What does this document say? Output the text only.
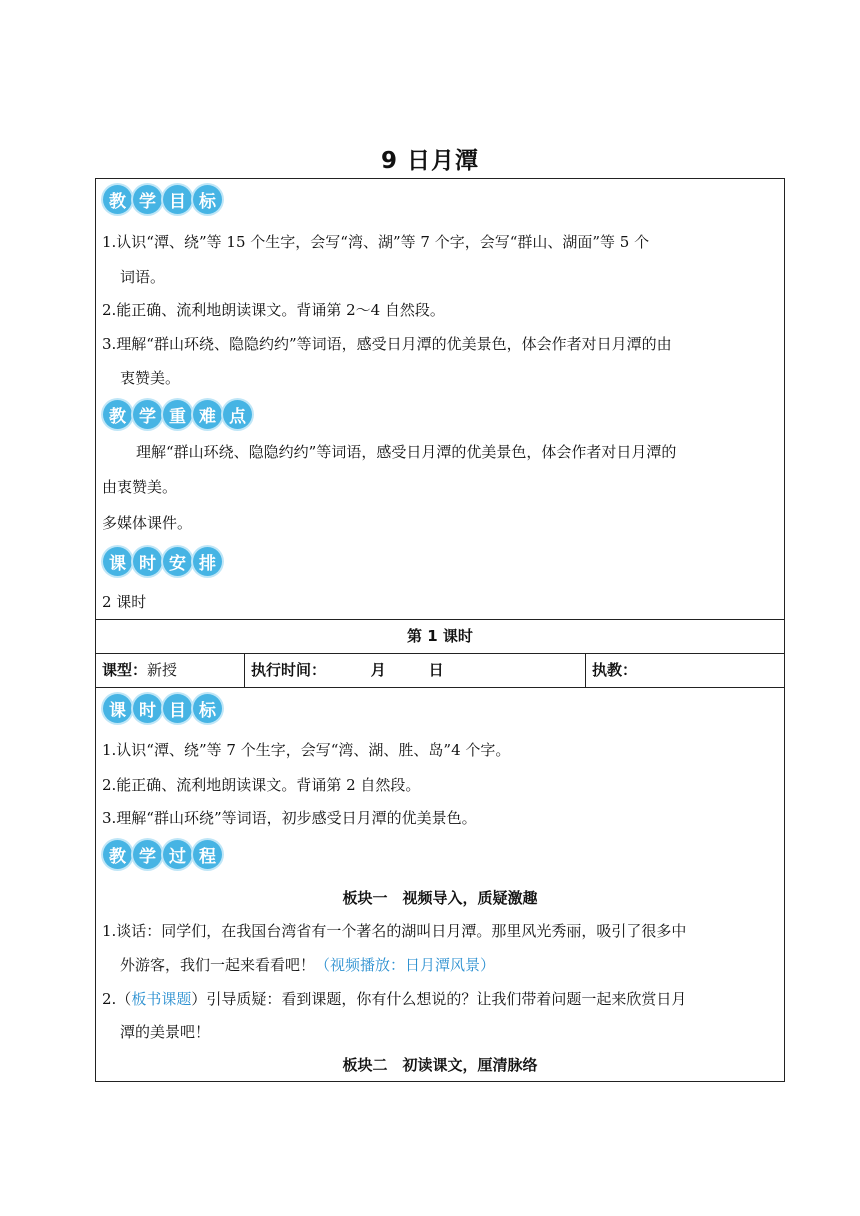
9 日月潭
教 学 目 标
1.认识“潭、绕”等 15 个生字，会写“湾、湖”等 7 个字，会写“群山、湖面”等 5 个
词语。
2.能正确、流利地朗读课文。背诵第 2～4 自然段。
3.理解“群山环绕、隐隐约约”等词语，感受日月潭的优美景色，体会作者对日月潭的由
衷赞美。
教 学 重 难 点
理解“群山环绕、隐隐约约”等词语，感受日月潭的优美景色，体会作者对日月潭的
由衷赞美。
多媒体课件。
课 时 安 排
2 课时
第 1 课时
课型：新授	执行时间：	月	日	执教：
课 时 目 标
1.认识“潭、绕”等 7 个生字，会写“湾、湖、胜、岛”4 个字。
2.能正确、流利地朗读课文。背诵第 2 自然段。
3.理解“群山环绕”等词语，初步感受日月潭的优美景色。
教 学 过 程
板块一　视频导入，质疑激趣
1.谈话：同学们，在我国台湾省有一个著名的湖叫日月潭。那里风光秀丽，吸引了很多中
外游客，我们一起来看看吧！（视频播放：日月潭风景）
2.（板书课题）引导质疑：看到课题，你有什么想说的？让我们带着问题一起来欣赏日月
潭的美景吧！
板块二　初读课文，厘清脉络
